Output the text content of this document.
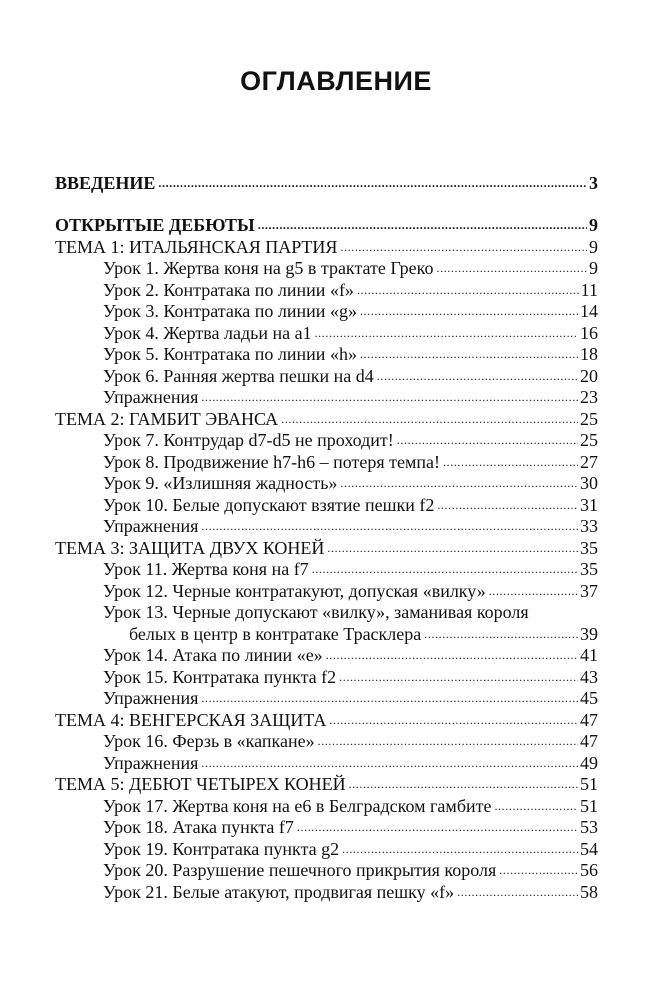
ОГЛАВЛЕНИЕ
ВВЕДЕНИЕ .....	3
ОТКРЫТЫЕ ДЕБЮТЫ .....	9
ТЕМА 1: ИТАЛЬЯНСКАЯ ПАРТИЯ .....	9
Урок 1. Жертва коня на g5 в трактате Греко .....	9
Урок 2. Контратака по линии «f» .....	11
Урок 3. Контратака по линии «g» .....	14
Урок 4. Жертва ладьи на a1 .....	16
Урок 5. Контратака по линии «h» .....	18
Урок 6. Ранняя жертва пешки на d4 .....	20
Упражнения .....	23
ТЕМА 2: ГАМБИТ ЭВАНСА .....	25
Урок 7. Контрудар d7-d5 не проходит! .....	25
Урок 8. Продвижение h7-h6 – потеря темпа! .....	27
Урок 9. «Излишняя жадность» .....	30
Урок 10. Белые допускают взятие пешки f2 .....	31
Упражнения .....	33
ТЕМА 3: ЗАЩИТА ДВУХ КОНЕЙ .....	35
Урок 11. Жертва коня на f7 .....	35
Урок 12. Черные контратакуют, допуская «вилку» .....	37
Урок 13. Черные допускают «вилку», заманивая короля
белых в центр в контратаке Трасклера .....	39
Урок 14. Атака по линии «e» .....	41
Урок 15. Контратака пункта f2 .....	43
Упражнения .....	45
ТЕМА 4: ВЕНГЕРСКАЯ ЗАЩИТА .....	47
Урок 16. Ферзь в «капкане» .....	47
Упражнения .....	49
ТЕМА 5: ДЕБЮТ ЧЕТЫРЕХ КОНЕЙ .....	51
Урок 17. Жертва коня на e6 в Белградском гамбите .....	51
Урок 18. Атака пункта f7 .....	53
Урок 19. Контратака пункта g2 .....	54
Урок 20. Разрушение пешечного прикрытия короля .....	56
Урок 21. Белые атакуют, продвигая пешку «f» .....	58
